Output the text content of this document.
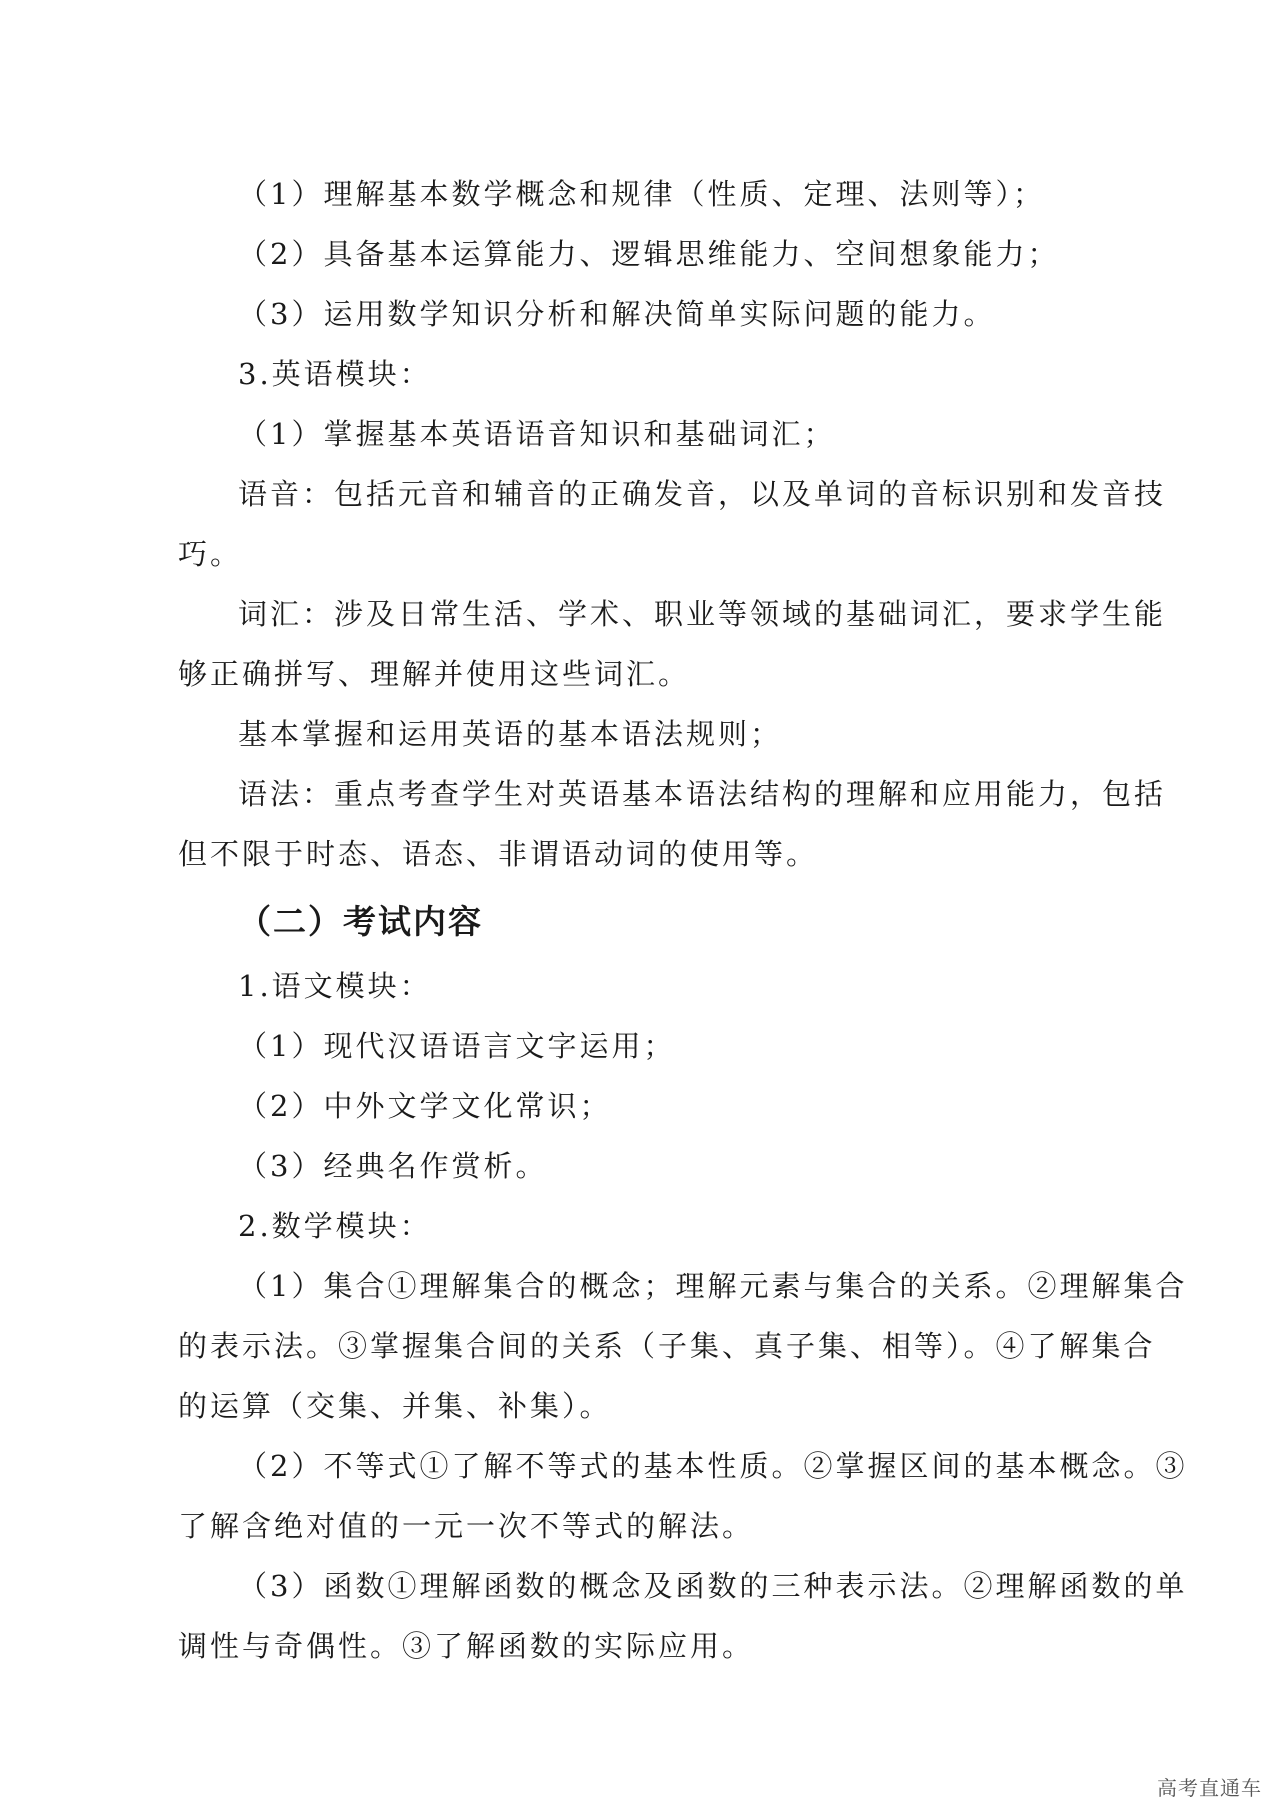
（1）理解基本数学概念和规律（性质、定理、法则等）；
（2）具备基本运算能力、逻辑思维能力、空间想象能力；
（3）运用数学知识分析和解决简单实际问题的能力。
3.英语模块：
（1）掌握基本英语语音知识和基础词汇；
语音：包括元音和辅音的正确发音，以及单词的音标识别和发音技
巧。
词汇：涉及日常生活、学术、职业等领域的基础词汇，要求学生能
够正确拼写、理解并使用这些词汇。
基本掌握和运用英语的基本语法规则；
语法：重点考查学生对英语基本语法结构的理解和应用能力，包括
但不限于时态、语态、非谓语动词的使用等。
（二）考试内容
1.语文模块：
（1）现代汉语语言文字运用；
（2）中外文学文化常识；
（3）经典名作赏析。
2.数学模块：
（1）集合①理解集合的概念；理解元素与集合的关系。②理解集合
的表示法。③掌握集合间的关系（子集、真子集、相等）。④了解集合
的运算（交集、并集、补集）。
（2）不等式①了解不等式的基本性质。②掌握区间的基本概念。③
了解含绝对值的一元一次不等式的解法。
（3）函数①理解函数的概念及函数的三种表示法。②理解函数的单
调性与奇偶性。③了解函数的实际应用。
高考直通车
